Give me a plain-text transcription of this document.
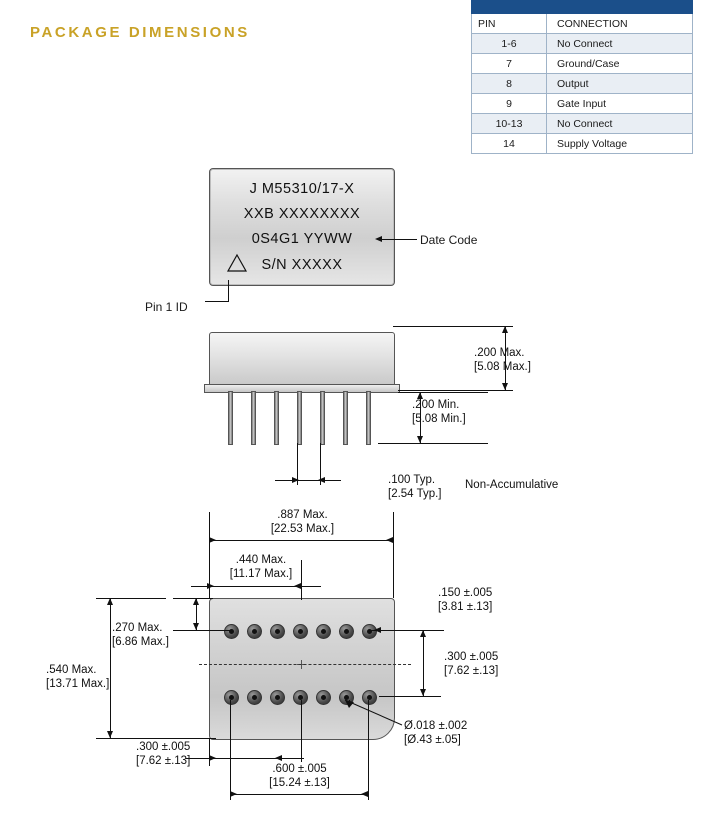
PACKAGE DIMENSIONS

PIN	CONNECTION
1-6	No Connect
7	Ground/Case
8	Output
9	Gate Input
10-13	No Connect
14	Supply Voltage
J M55310/17-X
XXB XXXXXXXX
0S4G1 YYWW
S/N XXXXX
Date Code
Pin 1 ID
.200 Max.
[5.08 Max.]
.200 Min.
[5.08 Min.]
.100 Typ.
[2.54 Typ.]
Non-Accumulative
.887 Max.
[22.53 Max.]
.440 Max.
[11.17 Max.]
.150 ±.005
[3.81 ±.13]
.300 ±.005
[7.62 ±.13]
.270 Max.
[6.86 Max.]
.540 Max.
[13.71 Max.]
.300 ±.005
[7.62 ±.13]
.600 ±.005
[15.24 ±.13]
Ø.018 ±.002
[Ø.43 ±.05]
